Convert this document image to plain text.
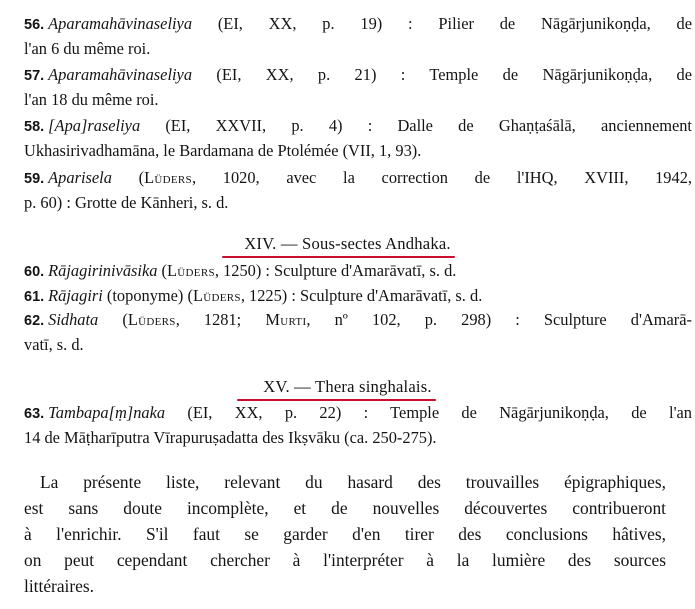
56. Aparamahāvinaseliya (EI, XX, p. 19) : Pilier de Nāgārjunikoṇḍa, de
l'an 6 du même roi.
57. Aparamahāvinaseliya (EI, XX, p. 21) : Temple de Nāgārjunikoṇḍa, de
l'an 18 du même roi.
58. [Apa]raseliya (EI, XXVII, p. 4) : Dalle de Ghaṇṭaśālā, anciennement
Ukhasirivadhamāna, le Bardamana de Ptolémée (VII, 1, 93).
59. Aparisela (Lüders, 1020, avec la correction de l'IHQ, XVIII, 1942,
p. 60) : Grotte de Kānheri, s. d.
XIV. — Sous-sectes Andhaka.
60. Rājagirinivāsika (Lüders, 1250) : Sculpture d'Amarāvatī, s. d.
61. Rājagiri (toponyme) (Lüders, 1225) : Sculpture d'Amarāvatī, s. d.
62. Sidhata (Lüders, 1281; Murti, nº 102, p. 298) : Sculpture d'Amarā-
vatī, s. d.
XV. — Thera singhalais.
63. Tambapa[ṃ]naka (EI, XX, p. 22) : Temple de Nāgārjunikoṇḍa, de l'an
14 de Māṭharīputra Vīrapuruṣadatta des Ikṣvāku (ca. 250-275).
La présente liste, relevant du hasard des trouvailles épigraphiques,
est sans doute incomplète, et de nouvelles découvertes contribueront
à l'enrichir. S'il faut se garder d'en tirer des conclusions hâtives,
on peut cependant chercher à l'interpréter à la lumière des sources
littéraires.
